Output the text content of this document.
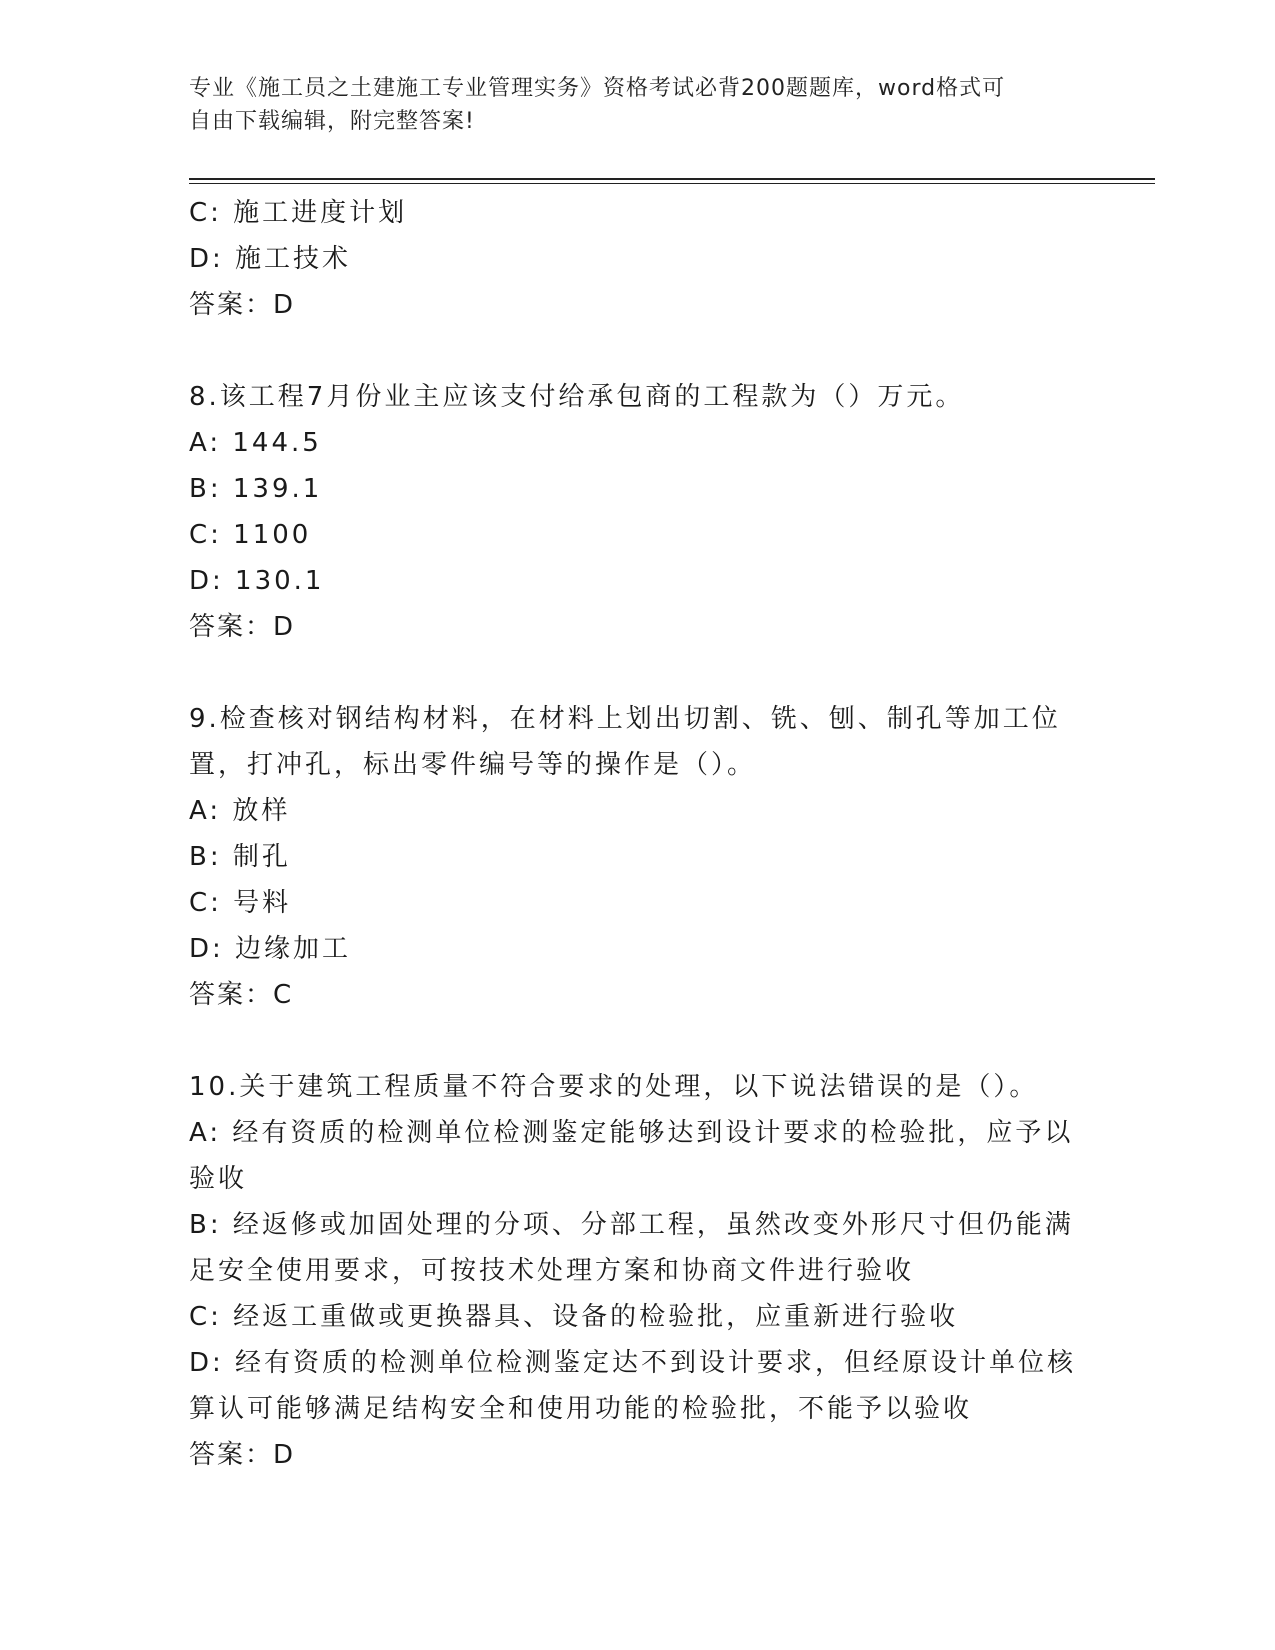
专业《施工员之土建施工专业管理实务》资格考试必背200题题库，word格式可
自由下载编辑，附完整答案!
C: 施工进度计划
D: 施工技术
答案：D
8.该工程7月份业主应该支付给承包商的工程款为（）万元。
A: 144.5
B: 139.1
C: 1100
D: 130.1
答案：D
9.检查核对钢结构材料，在材料上划出切割、铣、刨、制孔等加工位
置，打冲孔，标出零件编号等的操作是（）。
A: 放样
B: 制孔
C: 号料
D: 边缘加工
答案：C
10.关于建筑工程质量不符合要求的处理，以下说法错误的是（）。
A: 经有资质的检测单位检测鉴定能够达到设计要求的检验批，应予以
验收
B: 经返修或加固处理的分项、分部工程，虽然改变外形尺寸但仍能满
足安全使用要求，可按技术处理方案和协商文件进行验收
C: 经返工重做或更换器具、设备的检验批，应重新进行验收
D: 经有资质的检测单位检测鉴定达不到设计要求，但经原设计单位核
算认可能够满足结构安全和使用功能的检验批，不能予以验收
答案：D
